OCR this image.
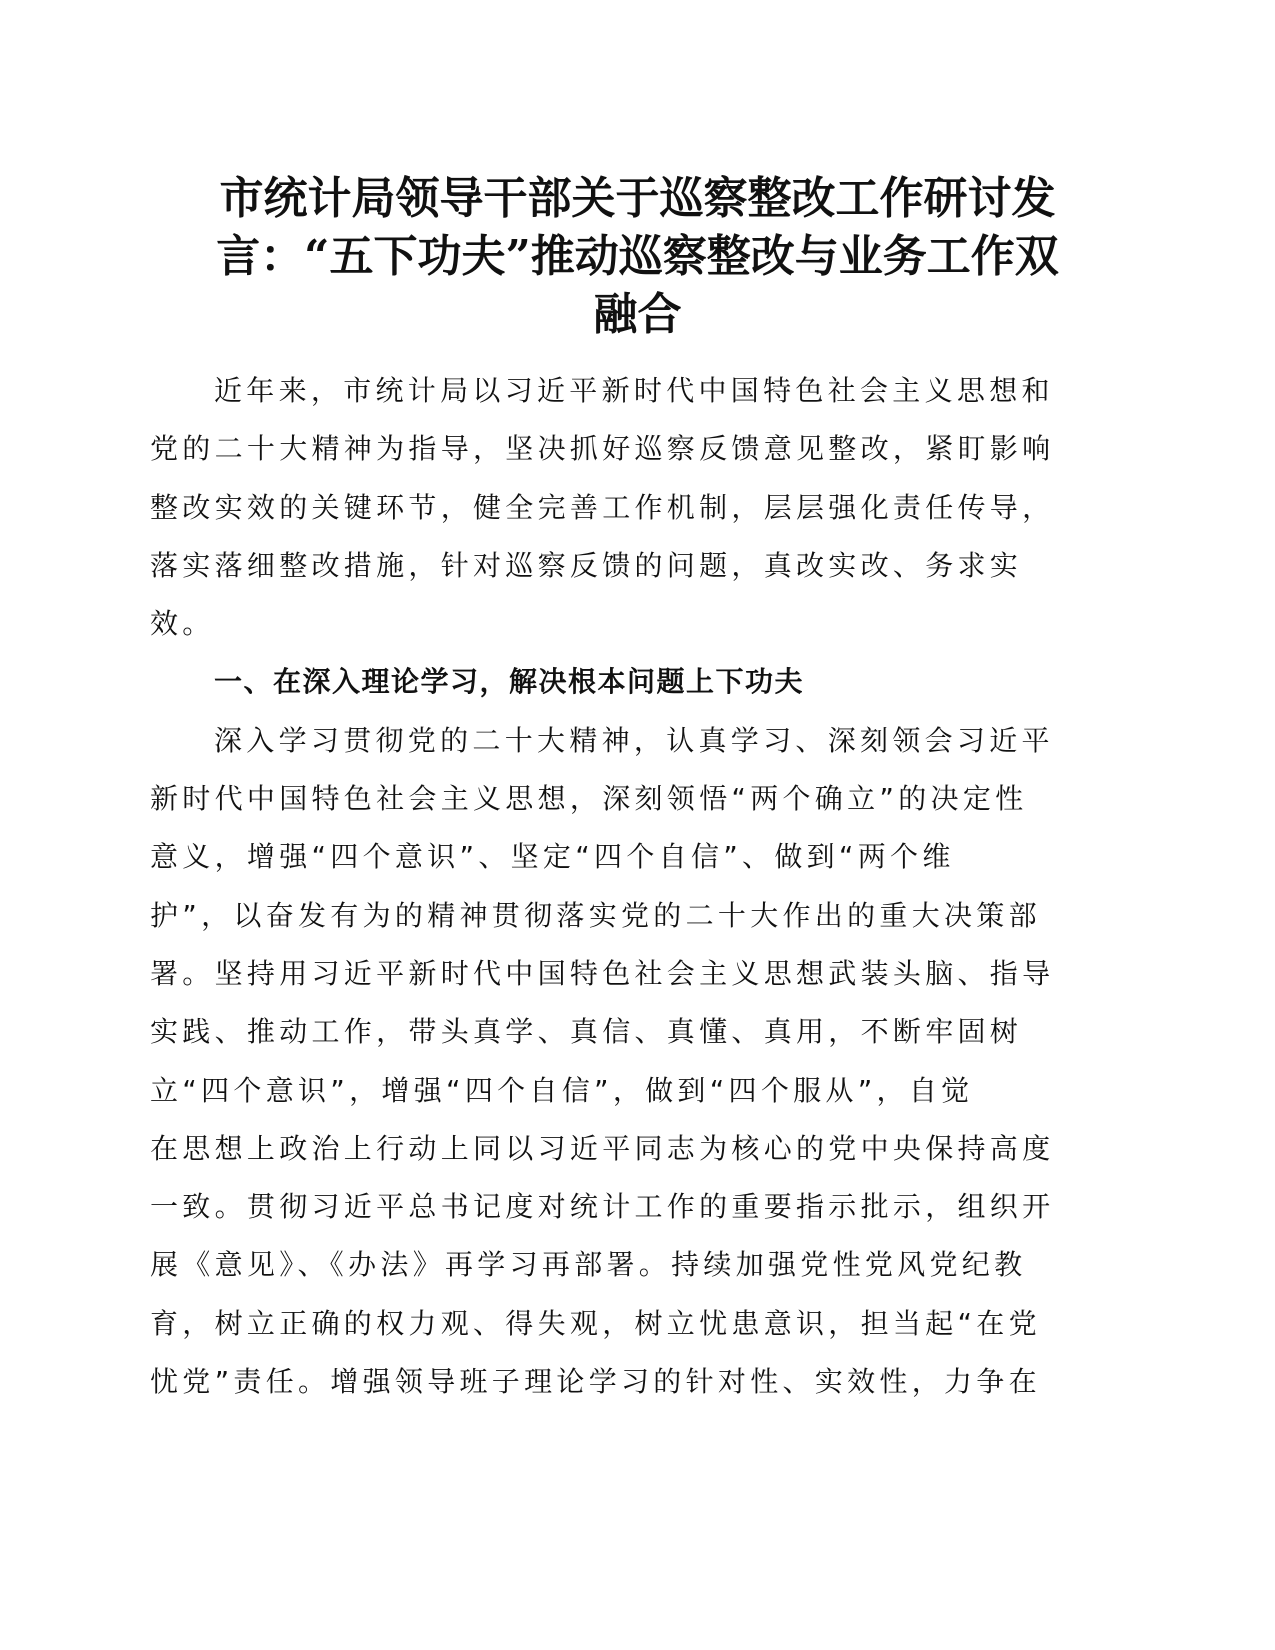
市统计局领导干部关于巡察整改工作研讨发
言：“五下功夫”推动巡察整改与业务工作双
融合

近年来，市统计局以习近平新时代中国特色社会主义思想和
党的二十大精神为指导，坚决抓好巡察反馈意见整改，紧盯影响
整改实效的关键环节，健全完善工作机制，层层强化责任传导，
落实落细整改措施，针对巡察反馈的问题，真改实改、务求实
效。

一、在深入理论学习，解决根本问题上下功夫

深入学习贯彻党的二十大精神，认真学习、深刻领会习近平
新时代中国特色社会主义思想，深刻领悟“两个确立”的决定性
意义，增强“四个意识”、坚定“四个自信”、做到“两个维
护”，以奋发有为的精神贯彻落实党的二十大作出的重大决策部
署。坚持用习近平新时代中国特色社会主义思想武装头脑、指导
实践、推动工作，带头真学、真信、真懂、真用，不断牢固树
立“四个意识”，增强“四个自信”，做到“四个服从”，自觉
在思想上政治上行动上同以习近平同志为核心的党中央保持高度
一致。贯彻习近平总书记度对统计工作的重要指示批示，组织开
展《意见》、《办法》再学习再部署。持续加强党性党风党纪教
育，树立正确的权力观、得失观，树立忧患意识，担当起“在党
忧党”责任。增强领导班子理论学习的针对性、实效性，力争在
